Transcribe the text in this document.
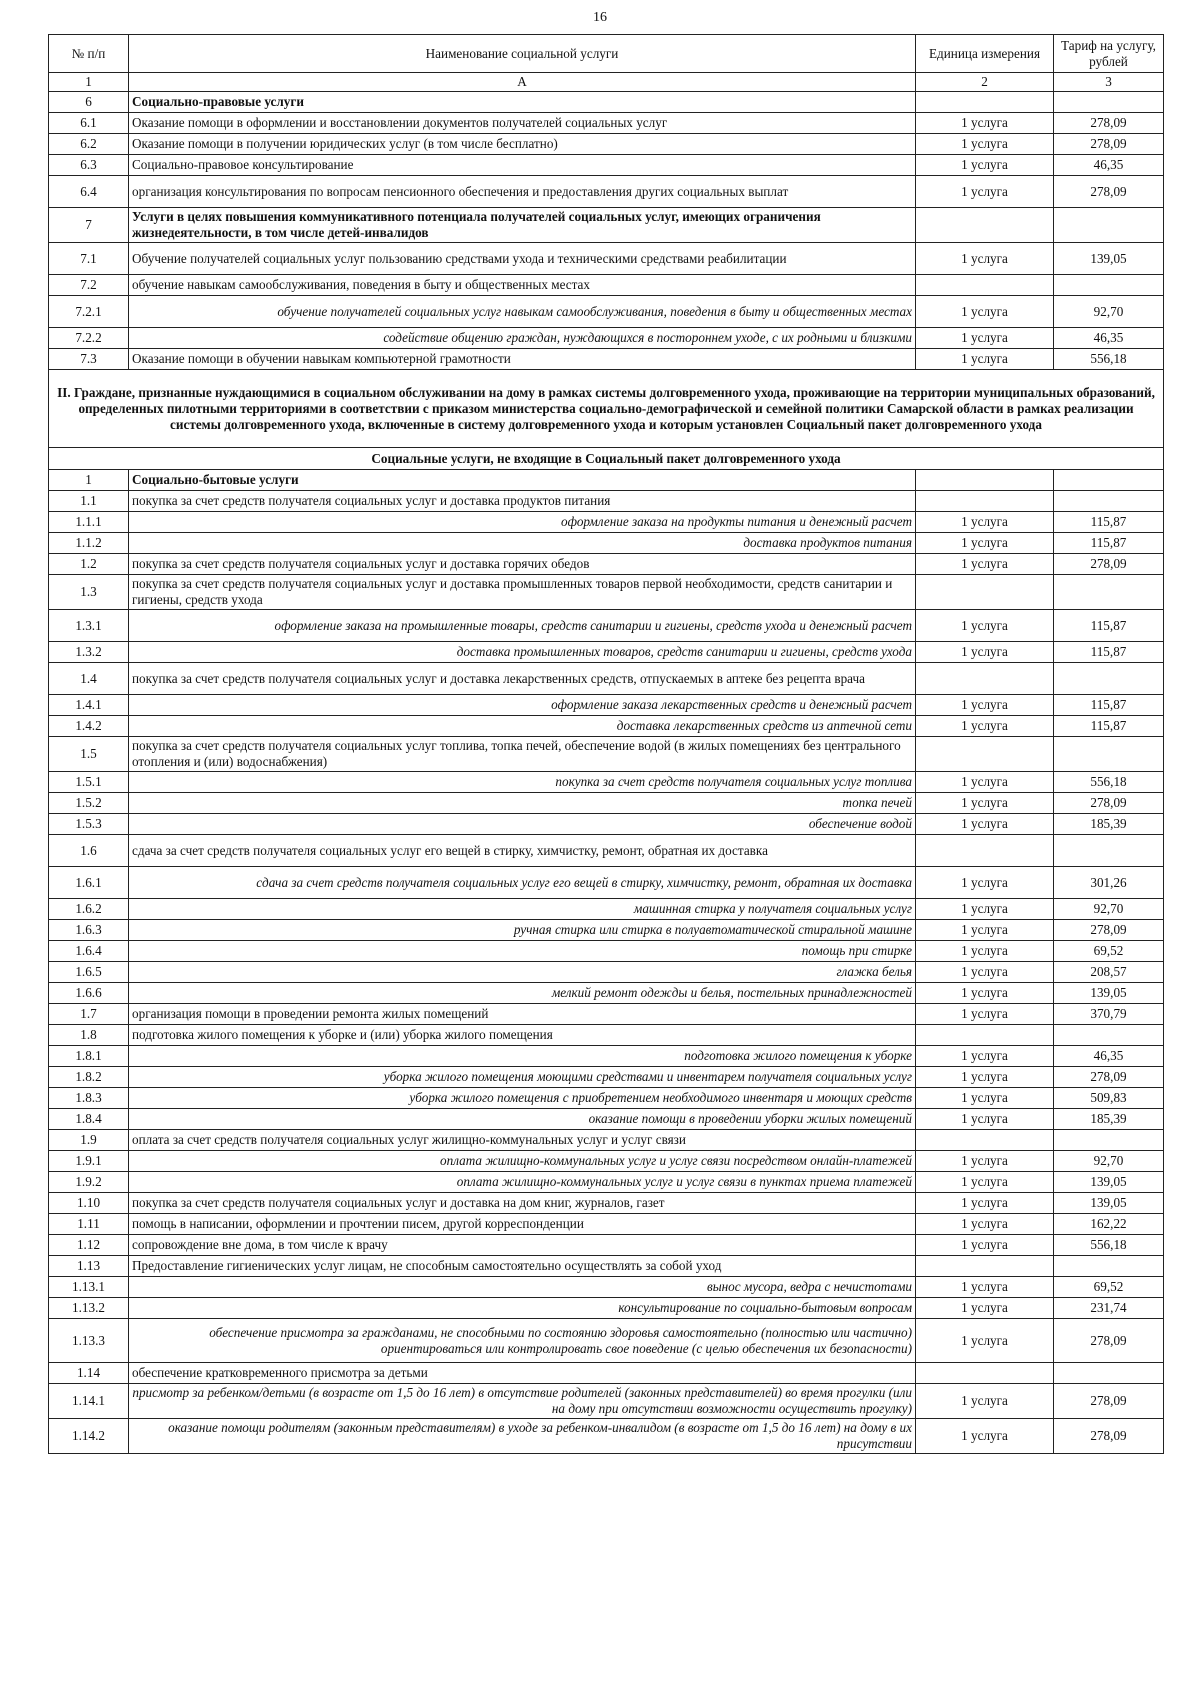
16
№ п/п	Наименование социальной услуги	Единица измерения	Тариф на услугу, рублей
1	А	2	3
6	Социально-правовые услуги		
6.1	Оказание помощи в оформлении и восстановлении документов получателей социальных услуг	1 услуга	278,09
6.2	Оказание помощи в получении юридических услуг (в том числе бесплатно)	1 услуга	278,09
6.3	Социально-правовое консультирование	1 услуга	46,35
6.4	организация консультирования по вопросам пенсионного обеспечения и предоставления других социальных выплат	1 услуга	278,09
7	Услуги в целях повышения коммуникативного потенциала получателей социальных услуг, имеющих ограничения жизнедеятельности, в том числе детей-инвалидов		
7.1	Обучение получателей социальных услуг пользованию средствами ухода и техническими средствами реабилитации	1 услуга	139,05
7.2	обучение навыкам самообслуживания, поведения в быту и общественных местах		
7.2.1	обучение получателей социальных услуг навыкам самообслуживания, поведения в быту и общественных местах	1 услуга	92,70
7.2.2	содействие общению граждан, нуждающихся в постороннем уходе, с их родными и близкими	1 услуга	46,35
7.3	Оказание помощи в обучении навыкам компьютерной грамотности	1 услуга	556,18
II. Граждане, признанные нуждающимися в социальном обслуживании на дому в рамках системы долговременного ухода, проживающие на территории муниципальных образований, определенных пилотными территориями в соответствии с приказом министерства социально-демографической и семейной политики Самарской области в рамках реализации системы долговременного ухода, включенные в систему долговременного ухода и которым установлен Социальный пакет долговременного ухода			
Социальные услуги, не входящие в Социальный пакет долговременного ухода			
1	Социально-бытовые услуги		
1.1	покупка за счет средств получателя социальных услуг и доставка продуктов питания		
1.1.1	оформление заказа на продукты питания и денежный расчет	1 услуга	115,87
1.1.2	доставка продуктов питания	1 услуга	115,87
1.2	покупка за счет средств получателя социальных услуг и доставка горячих обедов	1 услуга	278,09
1.3	покупка за счет средств получателя социальных услуг и доставка промышленных товаров первой необходимости, средств санитарии и гигиены, средств ухода		
1.3.1	оформление заказа на промышленные товары, средств санитарии и гигиены, средств ухода и денежный расчет	1 услуга	115,87
1.3.2	доставка промышленных товаров, средств санитарии и гигиены, средств ухода	1 услуга	115,87
1.4	покупка за счет средств получателя социальных услуг и доставка лекарственных средств, отпускаемых в аптеке без рецепта врача		
1.4.1	оформление заказа лекарственных средств и денежный расчет	1 услуга	115,87
1.4.2	доставка лекарственных средств из аптечной сети	1 услуга	115,87
1.5	покупка за счет средств получателя социальных услуг топлива, топка печей, обеспечение водой (в жилых помещениях без центрального отопления и (или) водоснабжения)		
1.5.1	покупка за счет средств получателя социальных услуг топлива	1 услуга	556,18
1.5.2	топка печей	1 услуга	278,09
1.5.3	обеспечение водой	1 услуга	185,39
1.6	сдача за счет средств получателя социальных услуг его вещей в стирку, химчистку, ремонт, обратная их доставка		
1.6.1	сдача за счет средств получателя социальных услуг его вещей в стирку, химчистку, ремонт, обратная их доставка	1 услуга	301,26
1.6.2	машинная стирка у получателя социальных услуг	1 услуга	92,70
1.6.3	ручная стирка или стирка в полуавтоматической стиральной машине	1 услуга	278,09
1.6.4	помощь при стирке	1 услуга	69,52
1.6.5	глажка белья	1 услуга	208,57
1.6.6	мелкий ремонт одежды и белья, постельных принадлежностей	1 услуга	139,05
1.7	организация помощи в проведении ремонта жилых помещений	1 услуга	370,79
1.8	подготовка жилого помещения к уборке и (или) уборка жилого помещения		
1.8.1	подготовка жилого помещения к уборке	1 услуга	46,35
1.8.2	уборка жилого помещения моющими средствами и инвентарем получателя социальных услуг	1 услуга	278,09
1.8.3	уборка жилого помещения с приобретением необходимого инвентаря и моющих средств	1 услуга	509,83
1.8.4	оказание помощи в проведении уборки жилых помещений	1 услуга	185,39
1.9	оплата за счет средств получателя социальных услуг жилищно-коммунальных услуг и услуг связи		
1.9.1	оплата жилищно-коммунальных услуг и услуг связи посредством онлайн-платежей	1 услуга	92,70
1.9.2	оплата жилищно-коммунальных услуг и услуг связи в пунктах приема платежей	1 услуга	139,05
1.10	покупка за счет средств получателя социальных услуг и доставка на дом книг, журналов, газет	1 услуга	139,05
1.11	помощь в написании, оформлении и прочтении писем, другой корреспонденции	1 услуга	162,22
1.12	сопровождение вне дома, в том числе к врачу	1 услуга	556,18
1.13	Предоставление гигиенических услуг лицам, не способным самостоятельно осуществлять за собой уход		
1.13.1	вынос мусора, ведра с нечистотами	1 услуга	69,52
1.13.2	консультирование по социально-бытовым вопросам	1 услуга	231,74
1.13.3	обеспечение присмотра за гражданами, не способными по состоянию здоровья самостоятельно (полностью или частично) ориентироваться или контролировать свое поведение (с целью обеспечения их безопасности)	1 услуга	278,09
1.14	обеспечение кратковременного присмотра за детьми		
1.14.1	присмотр за ребенком/детьми (в возрасте от 1,5 до 16 лет) в отсутствие родителей (законных представителей) во время прогулки (или на дому при отсутствии возможности осуществить прогулку)	1 услуга	278,09
1.14.2	оказание помощи родителям (законным представителям) в уходе за ребенком-инвалидом (в возрасте от 1,5 до 16 лет) на дому в их присутствии	1 услуга	278,09
